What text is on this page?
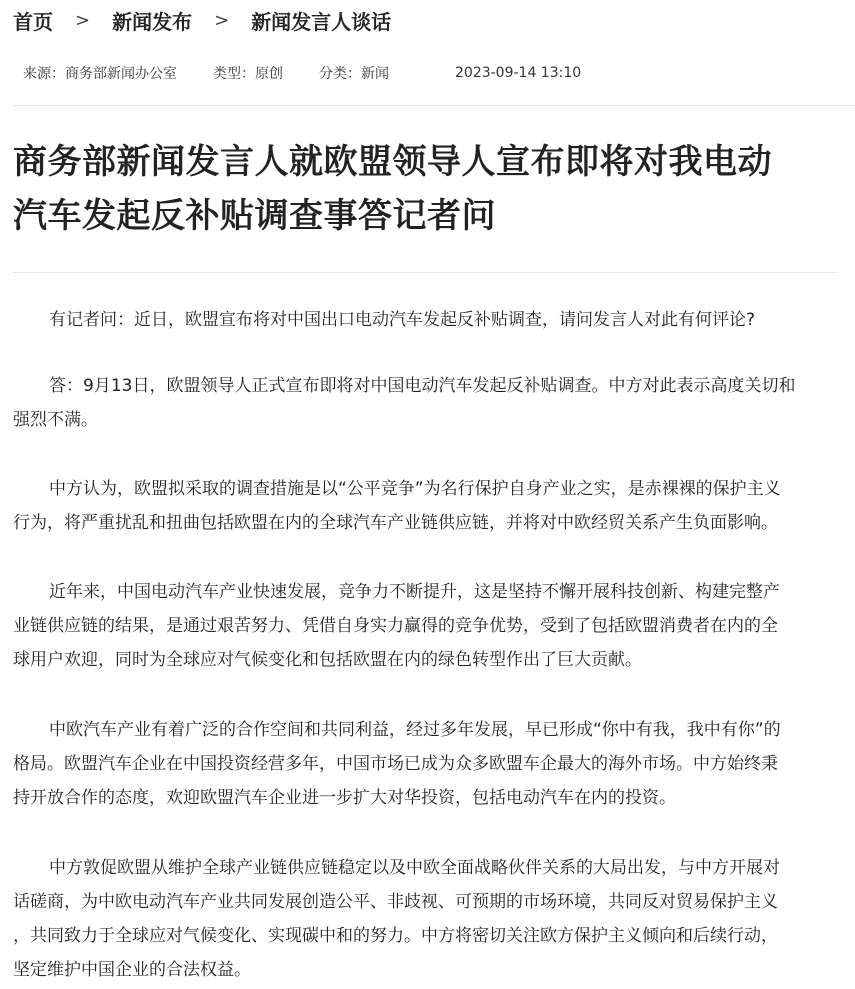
首页 > 新闻发布 > 新闻发言人谈话
来源：商务部新闻办公室	类型：原创	分类：新闻	2023-09-14 13:10
商务部新闻发言人就欧盟领导人宣布即将对我电动
汽车发起反补贴调查事答记者问

有记者问：近日，欧盟宣布将对中国出口电动汽车发起反补贴调查，请问发言人对此有何评论?

答：9月13日，欧盟领导人正式宣布即将对中国电动汽车发起反补贴调查。中方对此表示高度关切和
强烈不满。

中方认为，欧盟拟采取的调查措施是以“公平竞争”为名行保护自身产业之实，是赤裸裸的保护主义
行为，将严重扰乱和扭曲包括欧盟在内的全球汽车产业链供应链，并将对中欧经贸关系产生负面影响。

近年来，中国电动汽车产业快速发展，竞争力不断提升，这是坚持不懈开展科技创新、构建完整产
业链供应链的结果，是通过艰苦努力、凭借自身实力赢得的竞争优势，受到了包括欧盟消费者在内的全
球用户欢迎，同时为全球应对气候变化和包括欧盟在内的绿色转型作出了巨大贡献。

中欧汽车产业有着广泛的合作空间和共同利益，经过多年发展，早已形成“你中有我，我中有你”的
格局。欧盟汽车企业在中国投资经营多年，中国市场已成为众多欧盟车企最大的海外市场。中方始终秉
持开放合作的态度，欢迎欧盟汽车企业进一步扩大对华投资，包括电动汽车在内的投资。

中方敦促欧盟从维护全球产业链供应链稳定以及中欧全面战略伙伴关系的大局出发，与中方开展对
话磋商，为中欧电动汽车产业共同发展创造公平、非歧视、可预期的市场环境，共同反对贸易保护主义
，共同致力于全球应对气候变化、实现碳中和的努力。中方将密切关注欧方保护主义倾向和后续行动，
坚定维护中国企业的合法权益。
